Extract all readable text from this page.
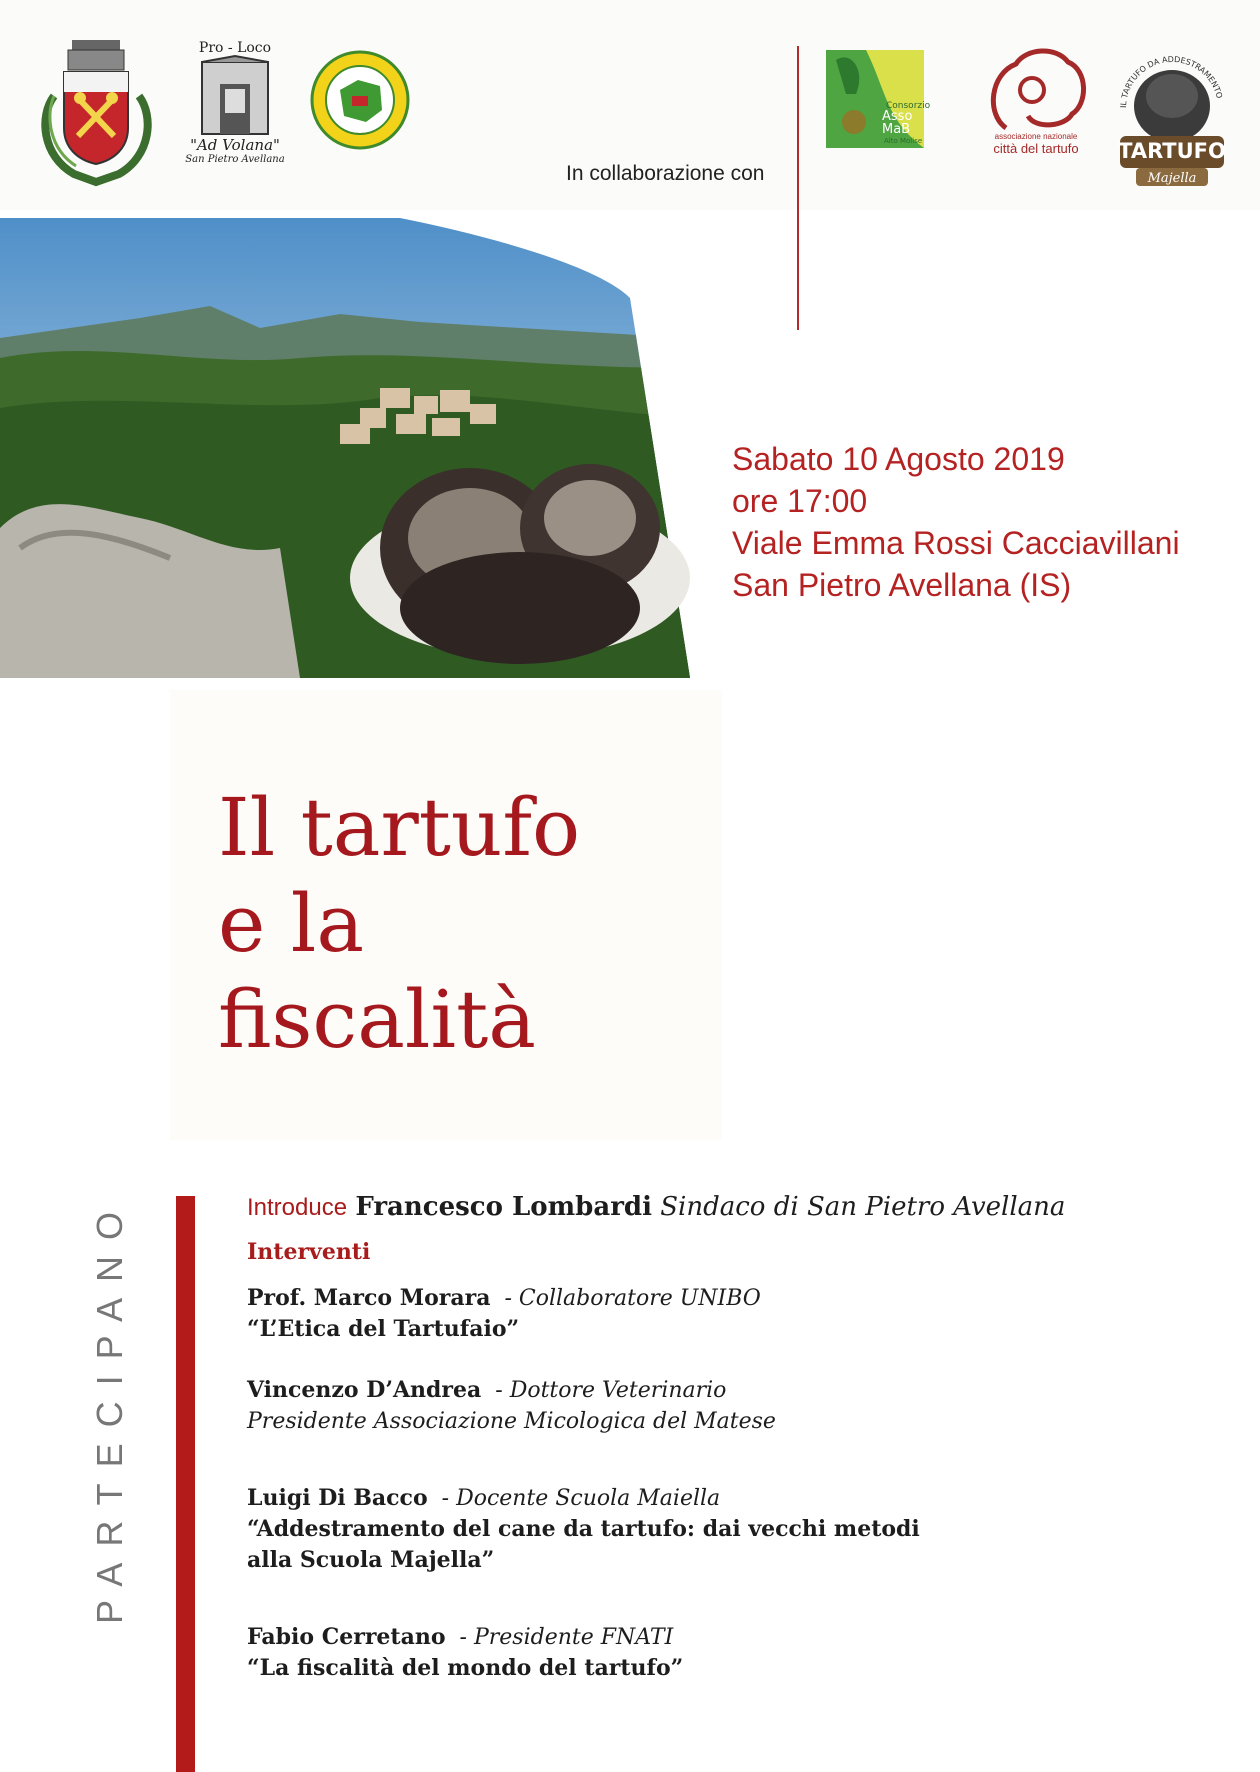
Pro - Loco
"Ad Volana"
San Pietro Avellana
In collaborazione con
Consorzio
Asso
MaB
Alto Molise	associazione nazionale
città del tartufo
IL TARTUFO DA ADDESTRAMENTO
TARTUFO
Majella
Sabato 10 Agosto 2019
ore 17:00
Viale Emma Rossi Cacciavillani
San Pietro Avellana (IS)
Il tartufo
e la
fiscalità
PARTECIPANO	Introduce Francesco Lombardi Sindaco di San Pietro Avellana
Interventi
Prof. Marco Morara - Collaboratore UNIBO
“L’Etica del Tartufaio”
Vincenzo D’Andrea - Dottore Veterinario
Presidente Associazione Micologica del Matese
Luigi Di Bacco - Docente Scuola Maiella
“Addestramento del cane da tartufo: dai vecchi metodi
alla Scuola Majella”
Fabio Cerretano - Presidente FNATI
“La fiscalità del mondo del tartufo”
